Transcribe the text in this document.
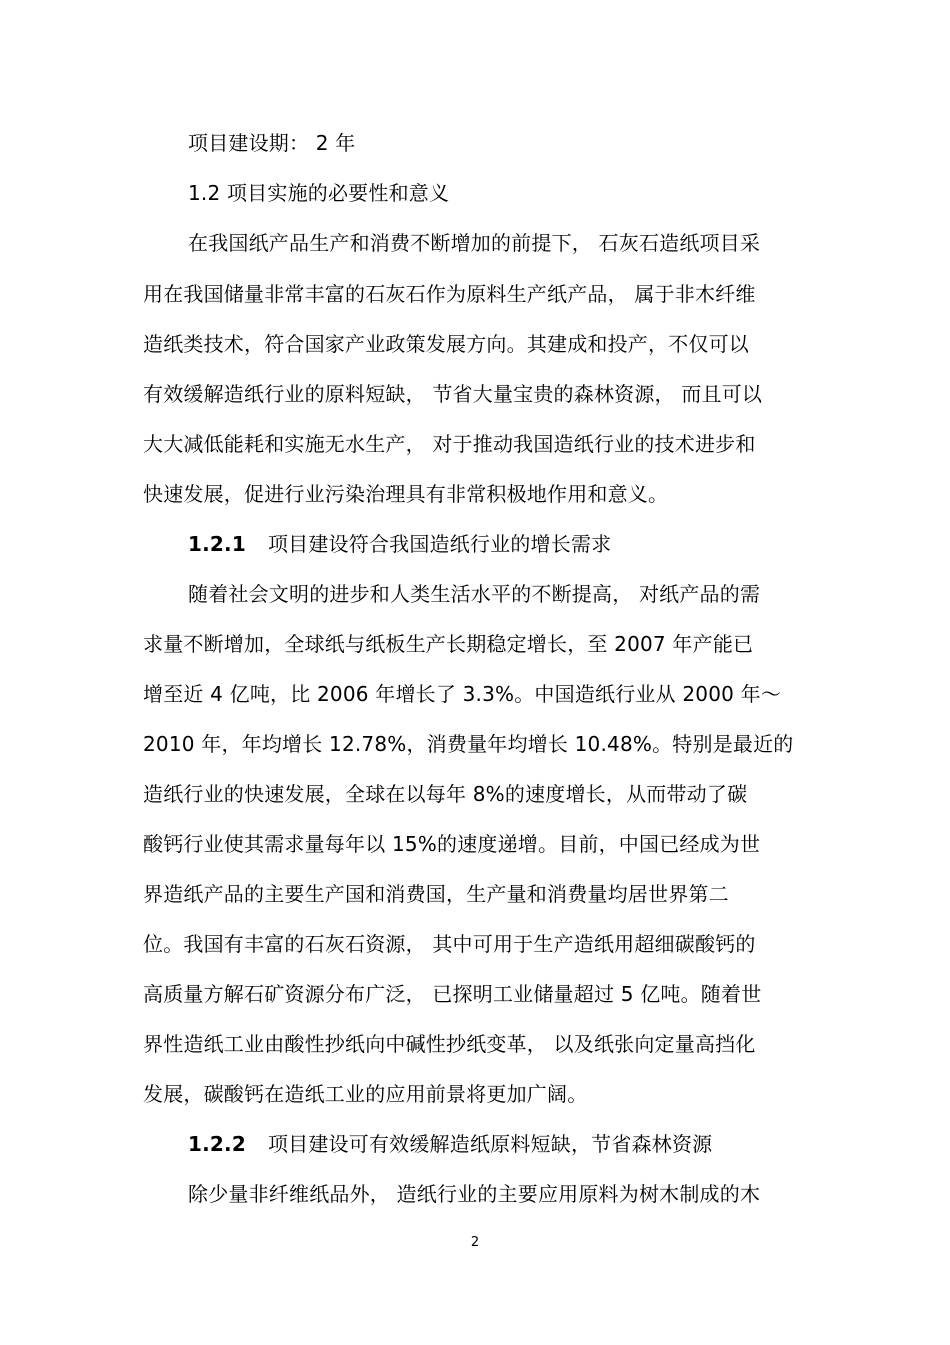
项目建设期： 2 年
1.2 项目实施的必要性和意义
在我国纸产品生产和消费不断增加的前提下， 石灰石造纸项目采
用在我国储量非常丰富的石灰石作为原料生产纸产品， 属于非木纤维
造纸类技术，符合国家产业政策发展方向。其建成和投产，不仅可以
有效缓解造纸行业的原料短缺， 节省大量宝贵的森林资源， 而且可以
大大减低能耗和实施无水生产， 对于推动我国造纸行业的技术进步和
快速发展，促进行业污染治理具有非常积极地作用和意义。
1.2.1 项目建设符合我国造纸行业的增长需求
随着社会文明的进步和人类生活水平的不断提高， 对纸产品的需
求量不断增加，全球纸与纸板生产长期稳定增长，至 2007 年产能已
增至近 4 亿吨，比 2006 年增长了 3.3%。中国造纸行业从 2000 年～
2010 年，年均增长 12.78%，消费量年均增长 10.48%。特别是最近的
造纸行业的快速发展，全球在以每年 8%的速度增长，从而带动了碳
酸钙行业使其需求量每年以 15%的速度递增。目前，中国已经成为世
界造纸产品的主要生产国和消费国，生产量和消费量均居世界第二
位。我国有丰富的石灰石资源， 其中可用于生产造纸用超细碳酸钙的
高质量方解石矿资源分布广泛， 已探明工业储量超过 5 亿吨。随着世
界性造纸工业由酸性抄纸向中碱性抄纸变革， 以及纸张向定量高挡化
发展，碳酸钙在造纸工业的应用前景将更加广阔。
1.2.2 项目建设可有效缓解造纸原料短缺，节省森林资源
除少量非纤维纸品外， 造纸行业的主要应用原料为树木制成的木
2
